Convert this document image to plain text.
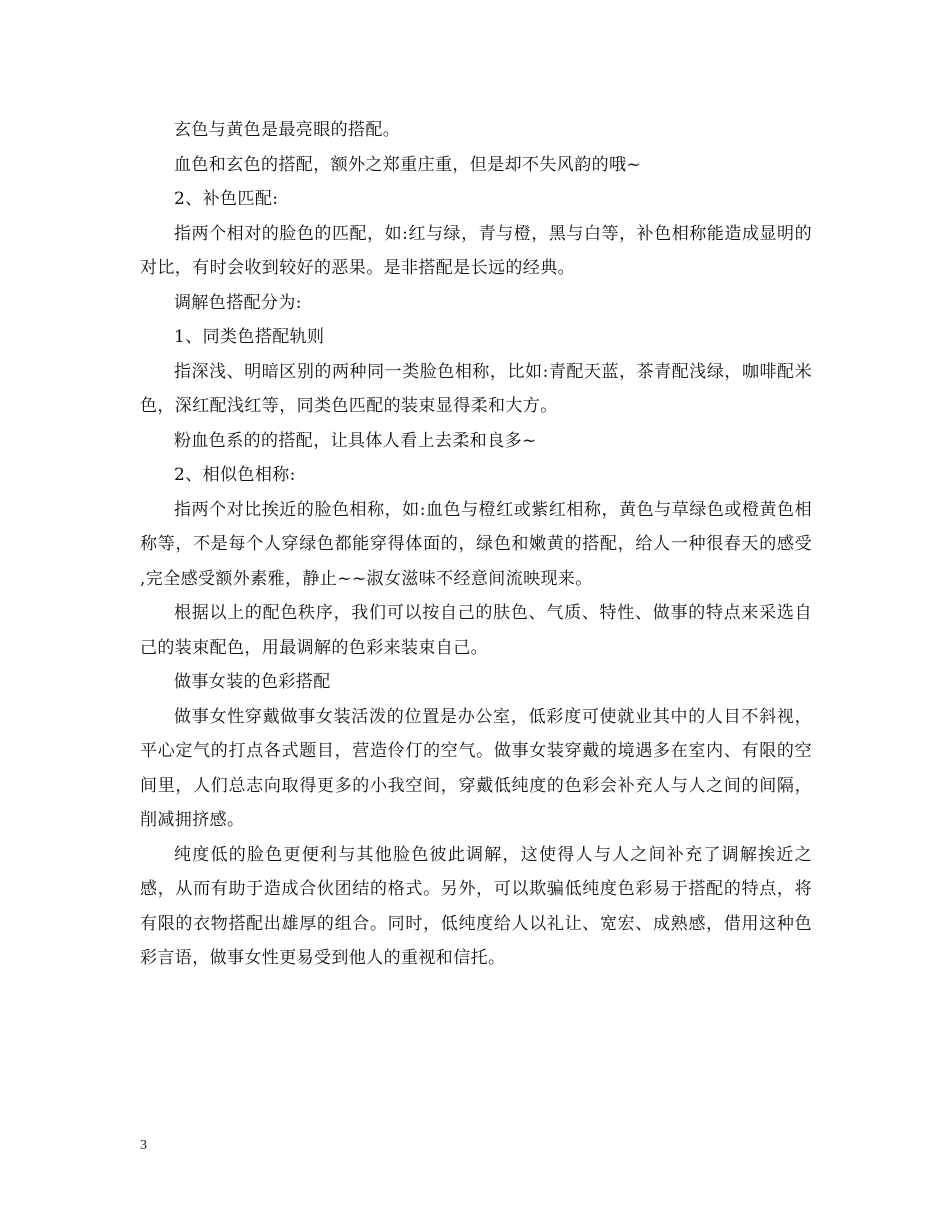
玄色与黄色是最亮眼的搭配。

血色和玄色的搭配，额外之郑重庄重，但是却不失风韵的哦~

2、补色匹配:

指两个相对的脸色的匹配，如:红与绿，青与橙，黑与白等，补色相称能造成显明的对比，有时会收到较好的恶果。是非搭配是长远的经典。

调解色搭配分为:

1、同类色搭配轨则

指深浅、明暗区别的两种同一类脸色相称，比如:青配天蓝，茶青配浅绿，咖啡配米色，深红配浅红等，同类色匹配的装束显得柔和大方。

粉血色系的的搭配，让具体人看上去柔和良多~

2、相似色相称:

指两个对比挨近的脸色相称，如:血色与橙红或紫红相称，黄色与草绿色或橙黄色相称等，不是每个人穿绿色都能穿得体面的，绿色和嫩黄的搭配，给人一种很春天的感受 ,完全感受额外素雅，静止~~淑女滋味不经意间流映现来。

根据以上的配色秩序，我们可以按自己的肤色、气质、特性、做事的特点来采选自己的装束配色，用最调解的色彩来装束自己。

做事女装的色彩搭配

做事女性穿戴做事女装活泼的位置是办公室，低彩度可使就业其中的人目不斜视，平心定气的打点各式题目，营造伶仃的空气。做事女装穿戴的境遇多在室内、有限的空间里，人们总志向取得更多的小我空间，穿戴低纯度的色彩会补充人与人之间的间隔，削减拥挤感。

纯度低的脸色更便利与其他脸色彼此调解，这使得人与人之间补充了调解挨近之感，从而有助于造成合伙团结的格式。另外，可以欺骗低纯度色彩易于搭配的特点，将有限的衣物搭配出雄厚的组合。同时，低纯度给人以礼让、宽宏、成熟感，借用这种色彩言语，做事女性更易受到他人的重视和信托。

3
